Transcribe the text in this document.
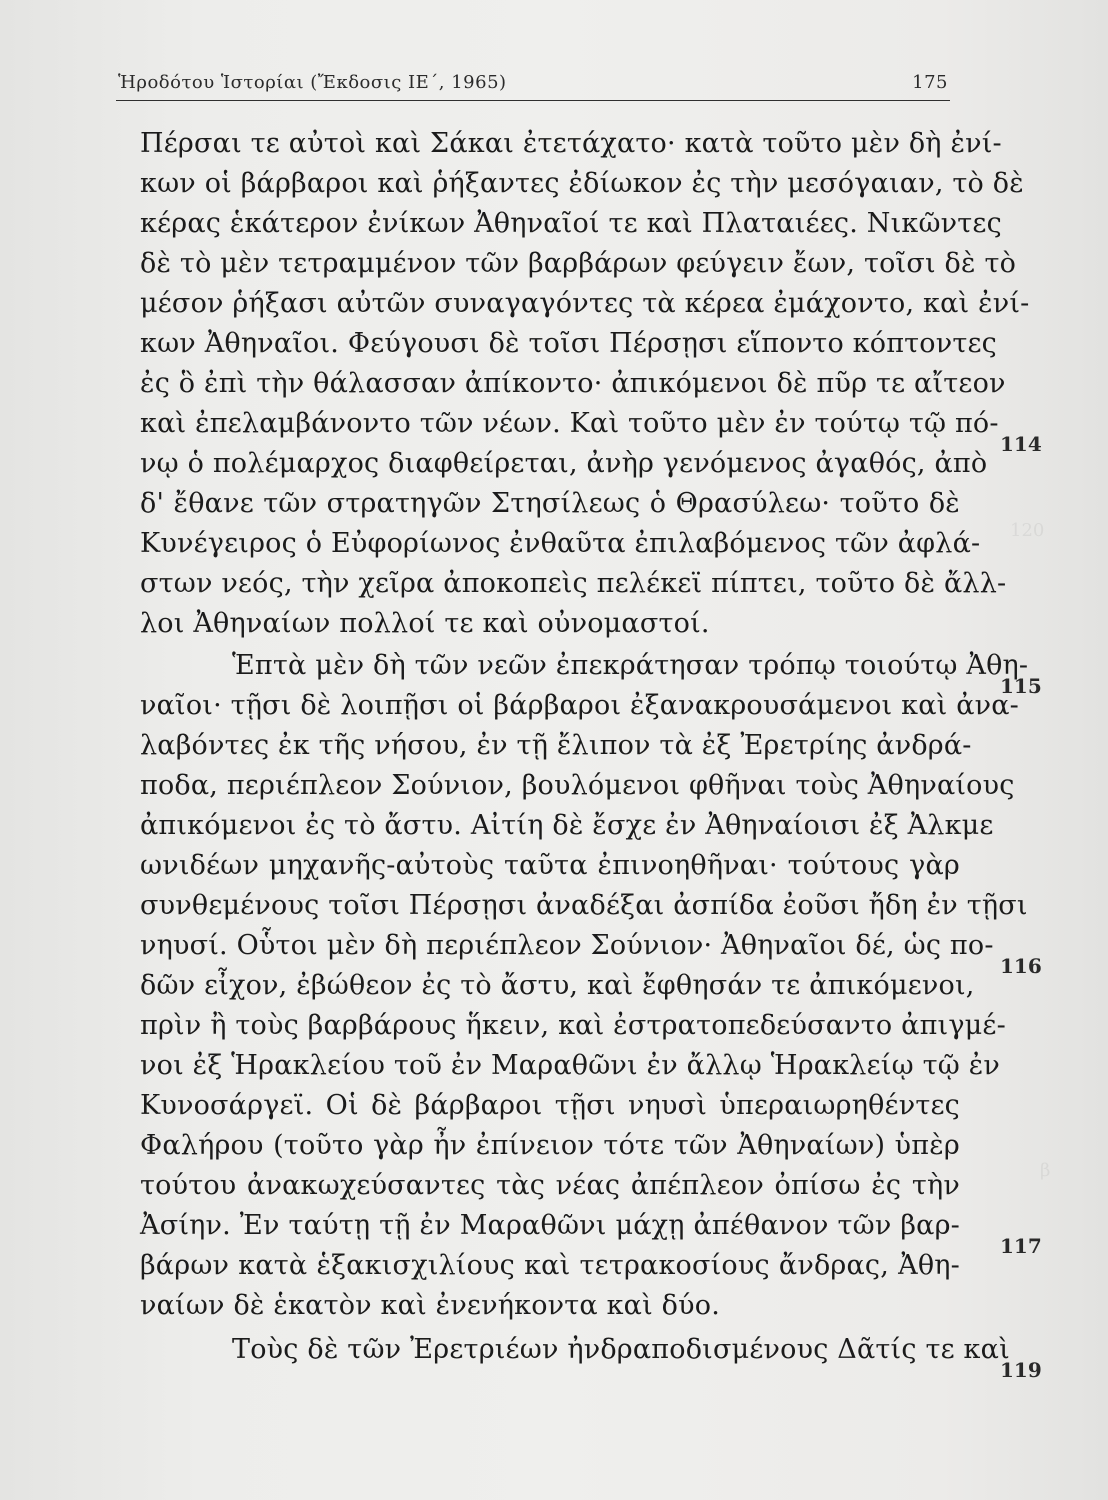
120
β
Ἡροδότου Ἱστορίαι (Ἔκδοσις ΙΕ΄, 1965)	175
Πέρσαι τε αὐτοὶ καὶ Σάκαι ἐτετάχατο· κατὰ τοῦτο μὲν δὴ ἐνί-
κων οἱ βάρβαροι καὶ ῥήξαντες ἐδίωκον ἐς τὴν μεσόγαιαν, τὸ δὲ
κέρας ἑκάτερον ἐνίκων Ἀθηναῖοί τε καὶ Πλαταιέες. Νικῶντες
δὲ τὸ μὲν τετραμμένον τῶν βαρβάρων φεύγειν ἔων, τοῖσι δὲ τὸ
μέσον ῥήξασι αὐτῶν συναγαγόντες τὰ κέρεα ἐμάχοντο, καὶ ἐνί-
κων Ἀθηναῖοι. Φεύγουσι δὲ τοῖσι Πέρσῃσι εἵποντο κόπτοντες
ἐς ὃ ἐπὶ τὴν θάλασσαν ἀπίκοντο· ἀπικόμενοι δὲ πῦρ τε αἴτεον
καὶ ἐπελαμβάνοντο τῶν νέων. Καὶ τοῦτο μὲν ἐν τούτῳ τῷ πό-
νῳ ὁ πολέμαρχος διαφθείρεται, ἀνὴρ γενόμενος ἀγαθός, ἀπὸ
δ' ἔθανε τῶν στρατηγῶν Στησίλεως ὁ Θρασύλεω· τοῦτο δὲ
Κυνέγειρος ὁ Εὐφορίωνος ἐνθαῦτα ἐπιλαβόμενος τῶν ἀφλά-
στων νεός, τὴν χεῖρα ἀποκοπεὶς πελέκεϊ πίπτει, τοῦτο δὲ ἄλλ-
λοι Ἀθηναίων πολλοί τε καὶ οὐνομαστοί.
Ἑπτὰ μὲν δὴ τῶν νεῶν ἐπεκράτησαν τρόπῳ τοιούτῳ Ἀθη-
ναῖοι· τῇσι δὲ λοιπῇσι οἱ βάρβαροι ἐξανακρουσάμενοι καὶ ἀνα-
λαβόντες ἐκ τῆς νήσου, ἐν τῇ ἔλιπον τὰ ἐξ Ἐρετρίης ἀνδρά-
ποδα, περιέπλεον Σούνιον, βουλόμενοι φθῆναι τοὺς Ἀθηναίους
ἀπικόμενοι ἐς τὸ ἄστυ. Αἰτίη δὲ ἔσχε ἐν Ἀθηναίοισι ἐξ Ἀλκμε
ωνιδέων μηχανῆς-αὐτοὺς ταῦτα ἐπινοηθῆναι· τούτους γὰρ
συνθεμένους τοῖσι Πέρσῃσι ἀναδέξαι ἀσπίδα ἐοῦσι ἤδη ἐν τῇσι
νηυσί. Οὗτοι μὲν δὴ περιέπλεον Σούνιον· Ἀθηναῖοι δέ, ὡς πο-
δῶν εἶχον, ἐβώθεον ἐς τὸ ἄστυ, καὶ ἔφθησάν τε ἀπικόμενοι,
πρὶν ἢ τοὺς βαρβάρους ἥκειν, καὶ ἐστρατοπεδεύσαντο ἀπιγμέ-
νοι ἐξ Ἡρακλείου τοῦ ἐν Μαραθῶνι ἐν ἄλλῳ Ἡρακλείῳ τῷ ἐν
Κυνοσάργεϊ. Οἱ δὲ βάρβαροι τῇσι νηυσὶ ὑπεραιωρηθέντες
Φαλήρου (τοῦτο γὰρ ἦν ἐπίνειον τότε τῶν Ἀθηναίων) ὑπὲρ
τούτου ἀνακωχεύσαντες τὰς νέας ἀπέπλεον ὀπίσω ἐς τὴν
Ἀσίην. Ἐν ταύτῃ τῇ ἐν Μαραθῶνι μάχῃ ἀπέθανον τῶν βαρ-
βάρων κατὰ ἑξακισχιλίους καὶ τετρακοσίους ἄνδρας, Ἀθη-
ναίων δὲ ἑκατὸν καὶ ἐνενήκοντα καὶ δύο.
Τοὺς δὲ τῶν Ἐρετριέων ἠνδραποδισμένους Δᾶτίς τε καὶ
114
115
116
117
119
